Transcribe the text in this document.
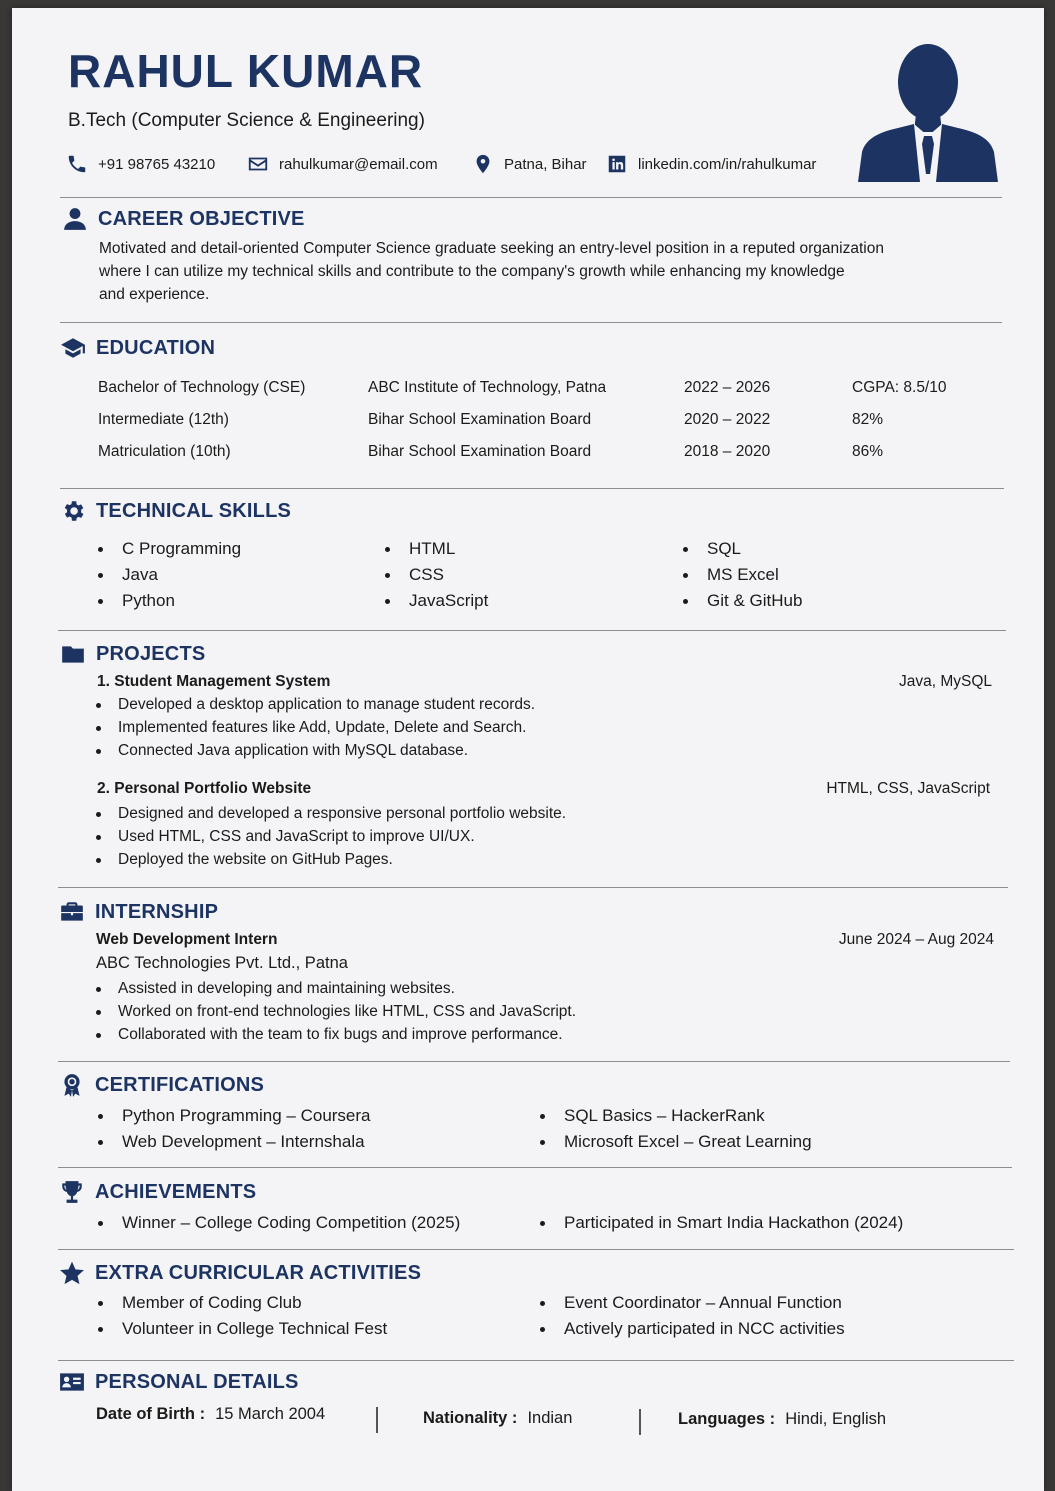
RAHUL KUMAR
B.Tech (Computer Science & Engineering)
+91 98765 43210	rahulkumar@email.com	Patna, Bihar	linkedin.com/in/rahulkumar
CAREER OBJECTIVE
Motivated and detail-oriented Computer Science graduate seeking an entry-level position in a reputed organization
where I can utilize my technical skills and contribute to the company's growth while enhancing my knowledge
and experience.
EDUCATION
Bachelor of Technology (CSE)	ABC Institute of Technology, Patna	2022 – 2026	CGPA: 8.5/10
Intermediate (12th)	Bihar School Examination Board	2020 – 2022	82%
Matriculation (10th)	Bihar School Examination Board	2018 – 2020	86%
TECHNICAL SKILLS
C Programming
Java
Python
HTML
CSS
JavaScript
SQL
MS Excel
Git & GitHub
PROJECTS
1. Student Management System	Java, MySQL
Developed a desktop application to manage student records.
Implemented features like Add, Update, Delete and Search.
Connected Java application with MySQL database.
2. Personal Portfolio Website	HTML, CSS, JavaScript
Designed and developed a responsive personal portfolio website.
Used HTML, CSS and JavaScript to improve UI/UX.
Deployed the website on GitHub Pages.
INTERNSHIP
Web Development Intern	June 2024 – Aug 2024
ABC Technologies Pvt. Ltd., Patna
Assisted in developing and maintaining websites.
Worked on front-end technologies like HTML, CSS and JavaScript.
Collaborated with the team to fix bugs and improve performance.
CERTIFICATIONS
Python Programming – Coursera
Web Development – Internshala
SQL Basics – HackerRank
Microsoft Excel – Great Learning
ACHIEVEMENTS
Winner – College Coding Competition (2025)	Participated in Smart India Hackathon (2024)
EXTRA CURRICULAR ACTIVITIES
Member of Coding Club
Volunteer in College Technical Fest
Event Coordinator – Annual Function
Actively participated in NCC activities
PERSONAL DETAILS
Date of Birth : 15 March 2004	Nationality : Indian	Languages : Hindi, English
